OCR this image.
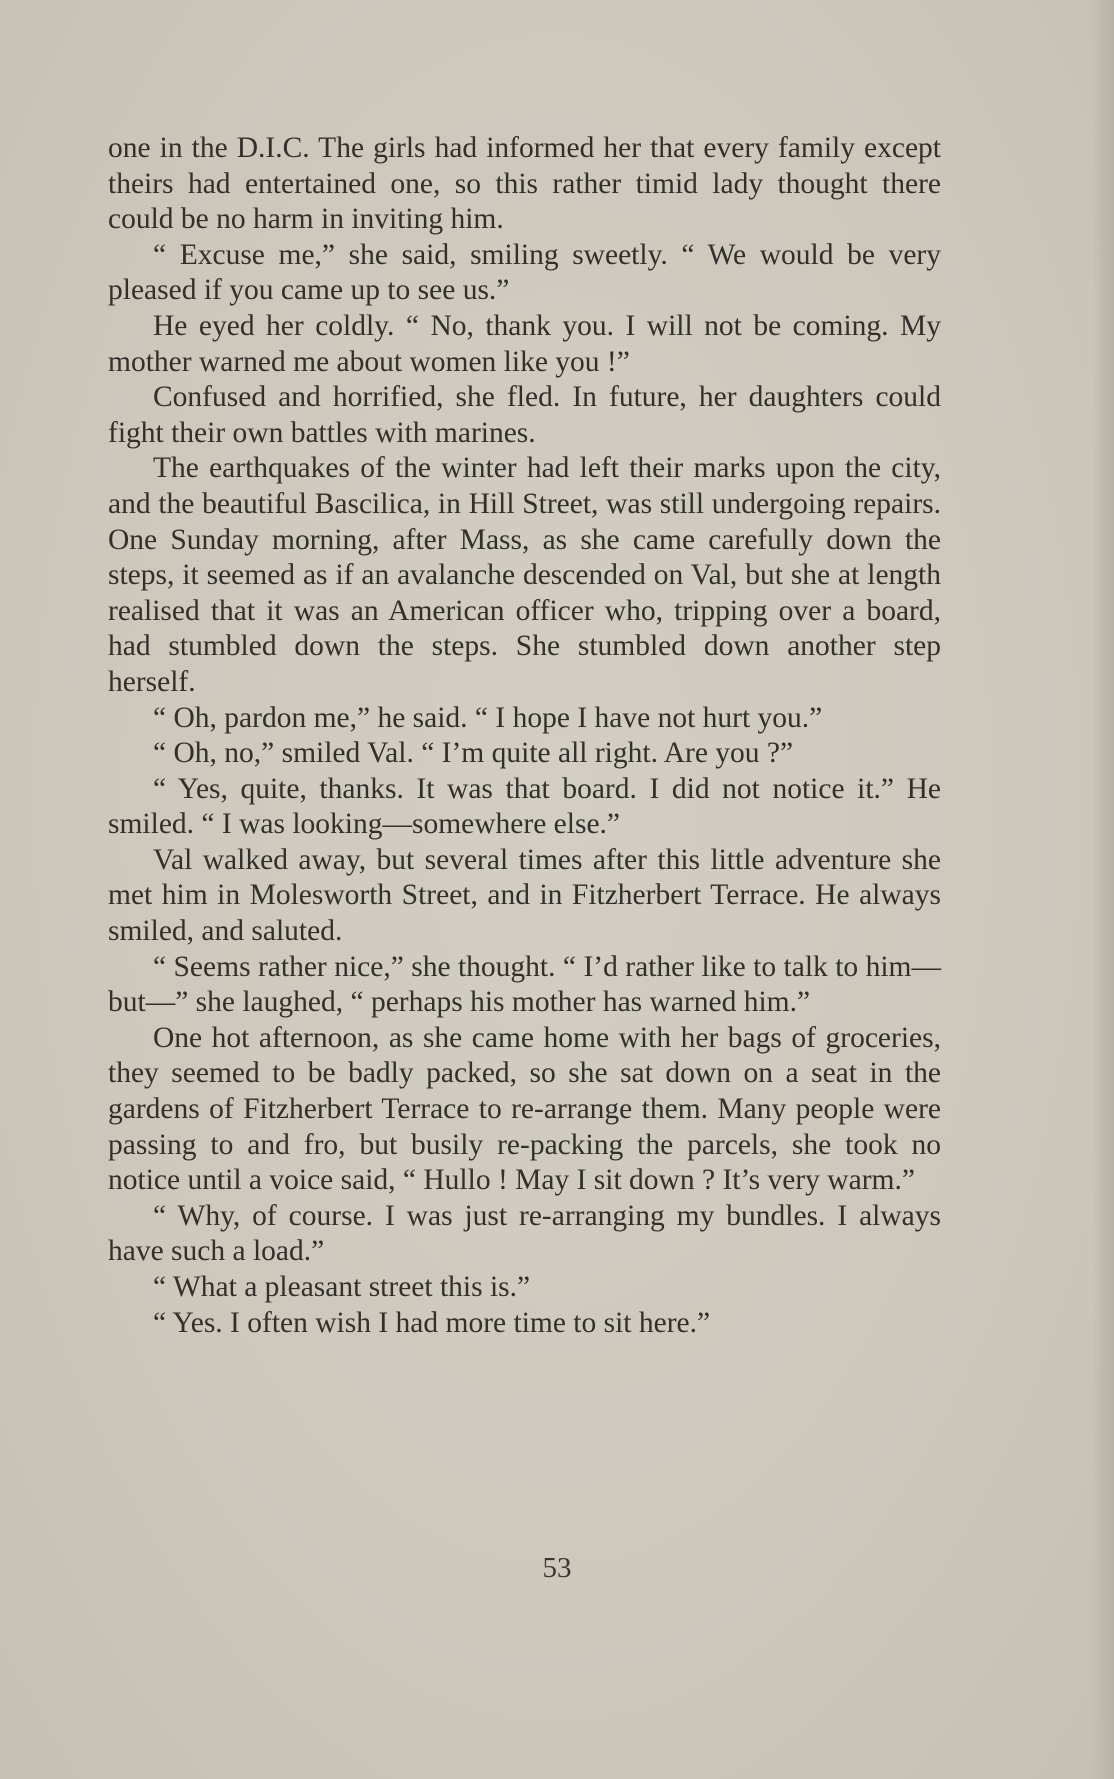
one in the D.I.C. The girls had informed her that every family except theirs had entertained one, so this rather timid lady thought there could be no harm in inviting him.

“ Excuse me,” she said, smiling sweetly. “ We would be very pleased if you came up to see us.”

He eyed her coldly. “ No, thank you. I will not be coming. My mother warned me about women like you !”

Confused and horrified, she fled. In future, her daughters could fight their own battles with marines.

The earthquakes of the winter had left their marks upon the city, and the beautiful Bascilica, in Hill Street, was still undergoing repairs. One Sunday morning, after Mass, as she came carefully down the steps, it seemed as if an avalanche descended on Val, but she at length realised that it was an American officer who, tripping over a board, had stumbled down the steps. She stumbled down another step herself.

“ Oh, pardon me,” he said. “ I hope I have not hurt you.”

“ Oh, no,” smiled Val. “ I’m quite all right. Are you ?”

“ Yes, quite, thanks. It was that board. I did not notice it.” He smiled. “ I was looking—somewhere else.”

Val walked away, but several times after this little adventure she met him in Molesworth Street, and in Fitzherbert Terrace. He always smiled, and saluted.

“ Seems rather nice,” she thought. “ I’d rather like to talk to him—but—” she laughed, “ perhaps his mother has warned him.”

One hot afternoon, as she came home with her bags of groceries, they seemed to be badly packed, so she sat down on a seat in the gardens of Fitzherbert Terrace to re-arrange them. Many people were passing to and fro, but busily re-packing the parcels, she took no notice until a voice said, “ Hullo ! May I sit down ? It’s very warm.”

“ Why, of course. I was just re-arranging my bundles. I always have such a load.”

“ What a pleasant street this is.”

“ Yes. I often wish I had more time to sit here.”

53
